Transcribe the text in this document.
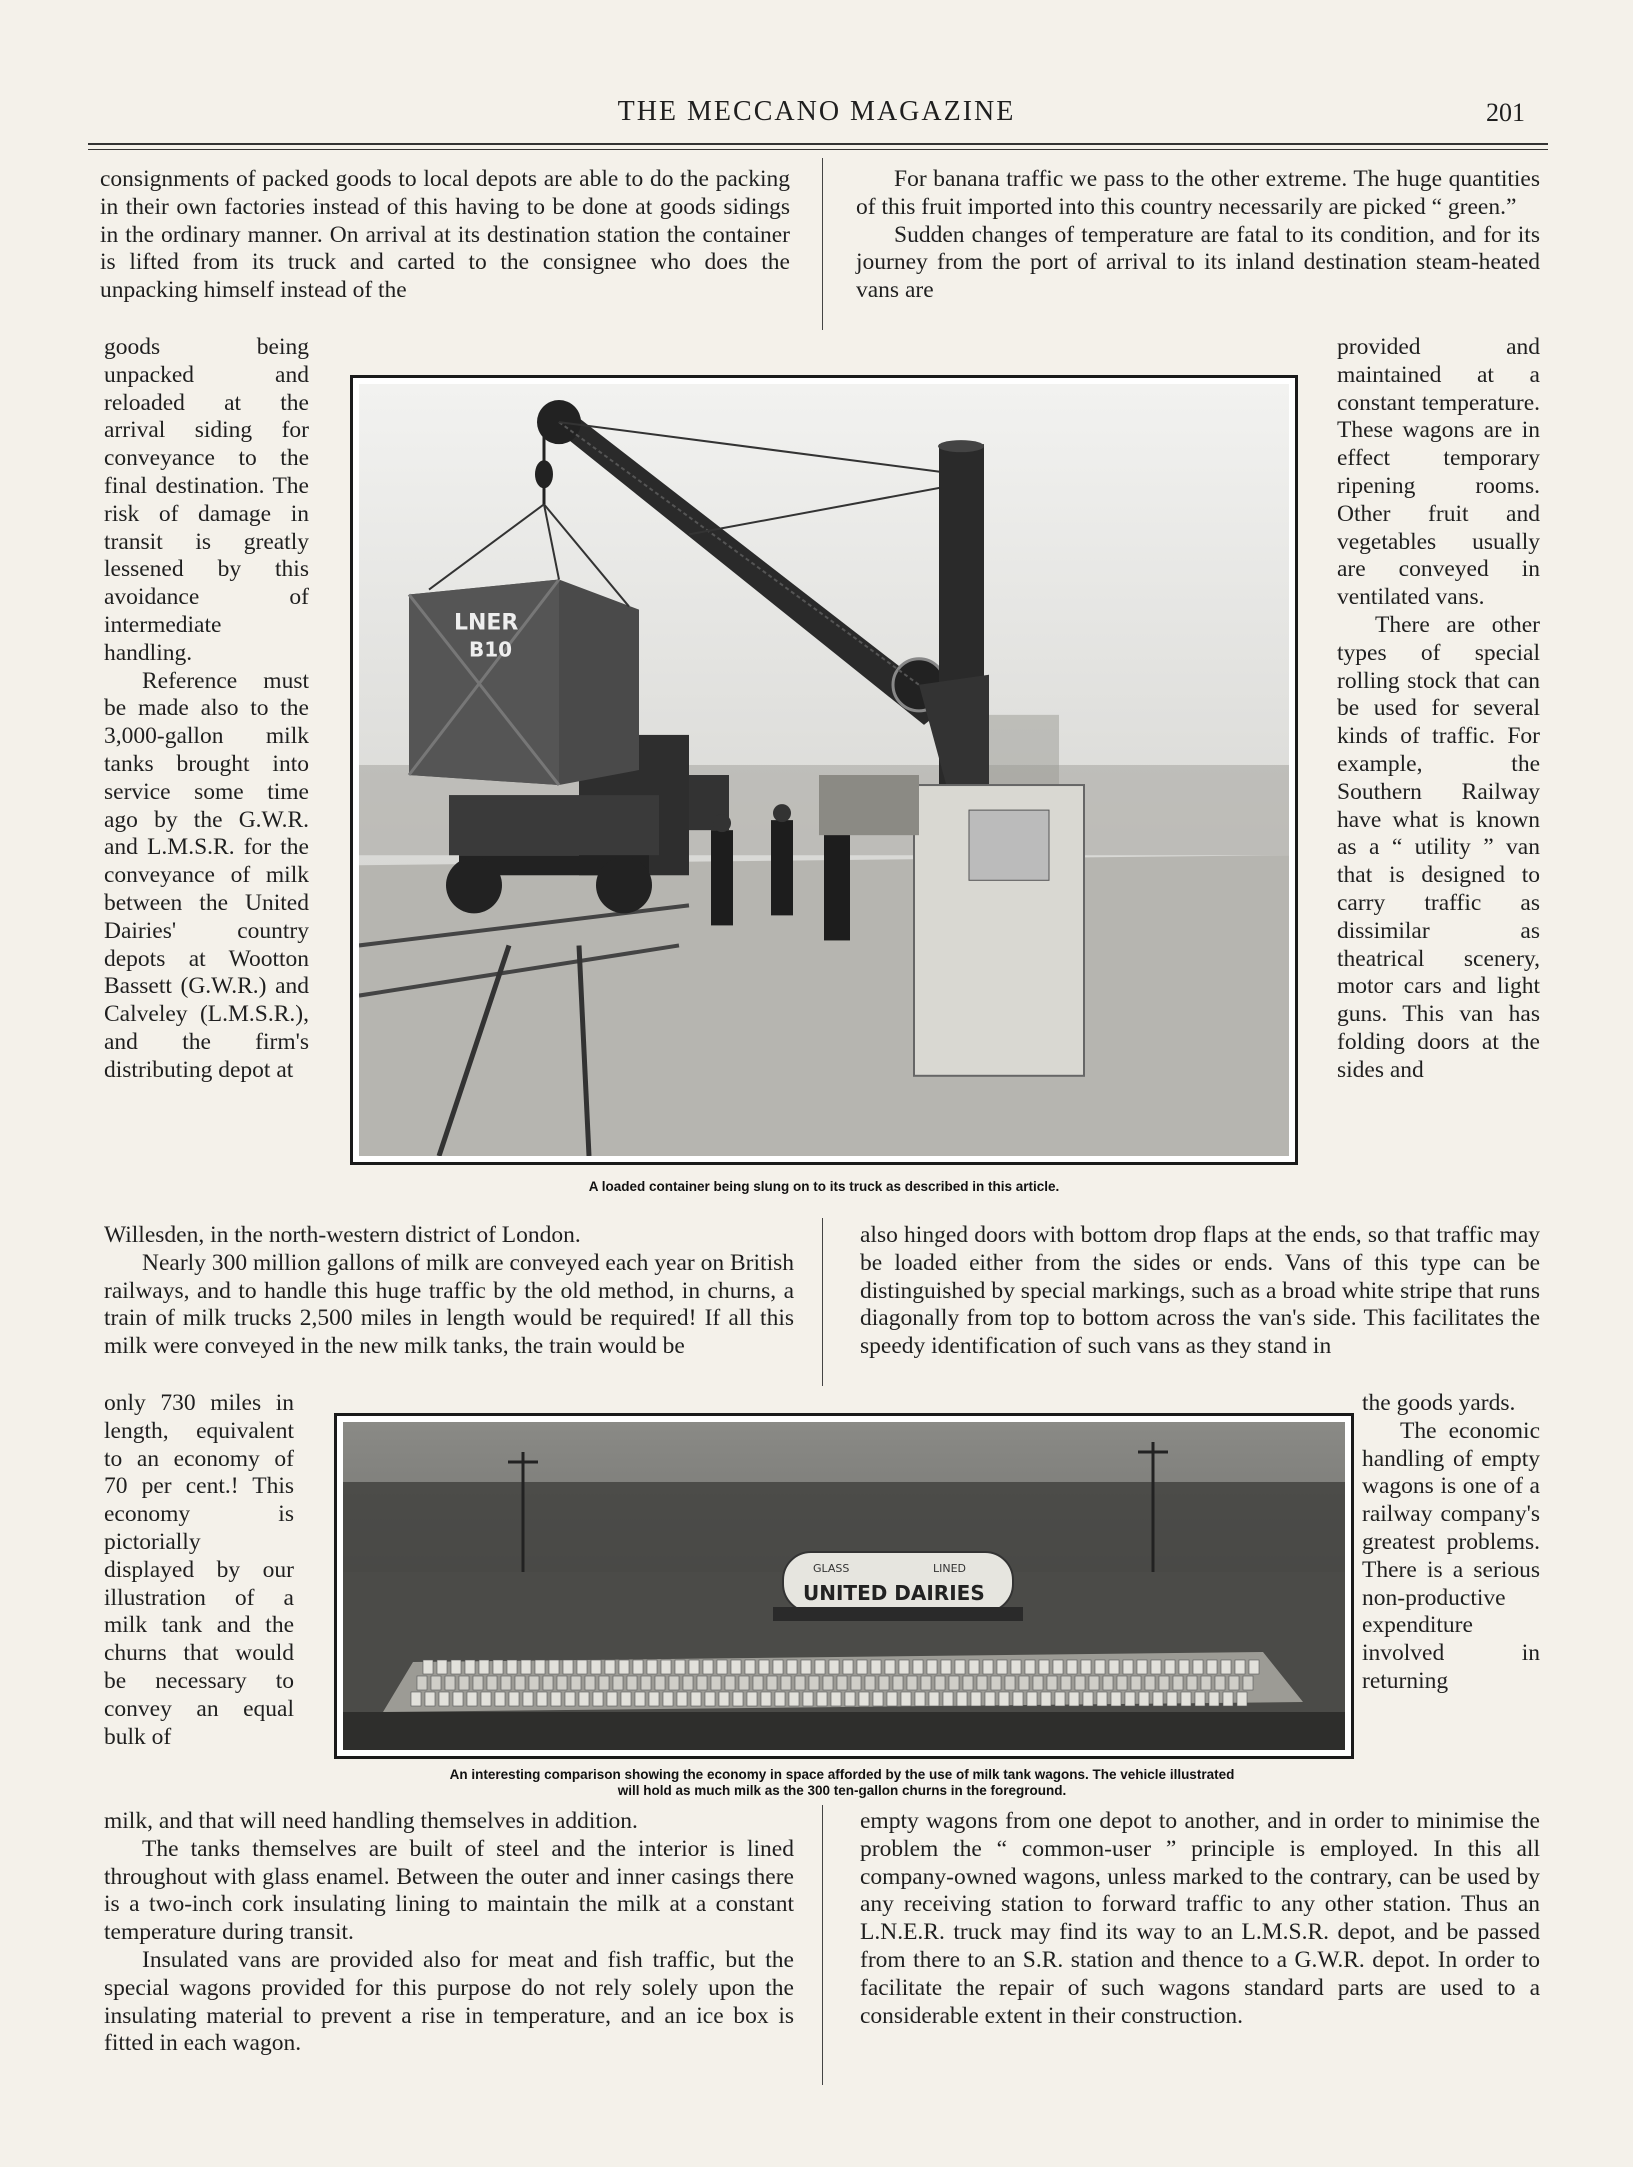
THE MECCANO MAGAZINE	201
consignments of packed goods to local depots are able to do the packing in their own factories instead of this having to be done at goods sidings in the ordinary manner. On arrival at its destination station the container is lifted from its truck and carted to the consignee who does the unpacking himself instead of the

goods being unpacked and reloaded at the arrival siding for conveyance to the final destination. The risk of damage in transit is greatly lessened by this avoidance of intermediate handling.

Reference must be made also to the 3,000-gallon milk tanks brought into service some time ago by the G.W.R. and L.M.S.R. for the conveyance of milk between the United Dairies' country depots at Wootton Bassett (G.W.R.) and Calveley (L.M.S.R.), and the firm's distributing depot at

Willesden, in the north-western district of London.

Nearly 300 million gallons of milk are conveyed each year on British railways, and to handle this huge traffic by the old method, in churns, a train of milk trucks 2,500 miles in length would be required! If all this milk were conveyed in the new milk tanks, the train would be

only 730 miles in length, equivalent to an economy of 70 per cent.! This economy is pictorially displayed by our illustration of a milk tank and the churns that would be necessary to convey an equal bulk of

milk, and that will need handling themselves in addition.

The tanks themselves are built of steel and the interior is lined throughout with glass enamel. Between the outer and inner casings there is a two-inch cork insulating lining to maintain the milk at a constant temperature during transit.

Insulated vans are provided also for meat and fish traffic, but the special wagons provided for this purpose do not rely solely upon the insulating material to prevent a rise in temperature, and an ice box is fitted in each wagon.

For banana traffic we pass to the other extreme. The huge quantities of this fruit imported into this country necessarily are picked “ green.”

Sudden changes of temperature are fatal to its condition, and for its journey from the port of arrival to its inland destination steam-heated vans are

provided and maintained at a constant temperature. These wagons are in effect temporary ripening rooms. Other fruit and vegetables usually are conveyed in ventilated vans.

There are other types of special rolling stock that can be used for several kinds of traffic. For example, the Southern Railway have what is known as a “ utility ” van that is designed to carry traffic as dissimilar as theatrical scenery, motor cars and light guns. This van has folding doors at the sides and

also hinged doors with bottom drop flaps at the ends, so that traffic may be loaded either from the sides or ends. Vans of this type can be distinguished by special markings, such as a broad white stripe that runs diagonally from top to bottom across the van's side. This facilitates the speedy identification of such vans as they stand in

the goods yards.

The economic handling of empty wagons is one of a railway company's greatest problems. There is a serious non-productive expenditure involved in returning

empty wagons from one depot to another, and in order to minimise the problem the “ common-user ” principle is employed. In this all company-owned wagons, unless marked to the contrary, can be used by any receiving station to forward traffic to any other station. Thus an L.N.E.R. truck may find its way to an L.M.S.R. depot, and be passed from there to an S.R. station and thence to a G.W.R. depot. In order to facilitate the repair of such wagons standard parts are used to a considerable extent in their construction.
LNER
B10
A loaded container being slung on to its truck as described in this article.
GLASS	LINED
UNITED DAIRIES
An interesting comparison showing the economy in space afforded by the use of milk tank wagons. The vehicle illustrated
will hold as much milk as the 300 ten-gallon churns in the foreground.
